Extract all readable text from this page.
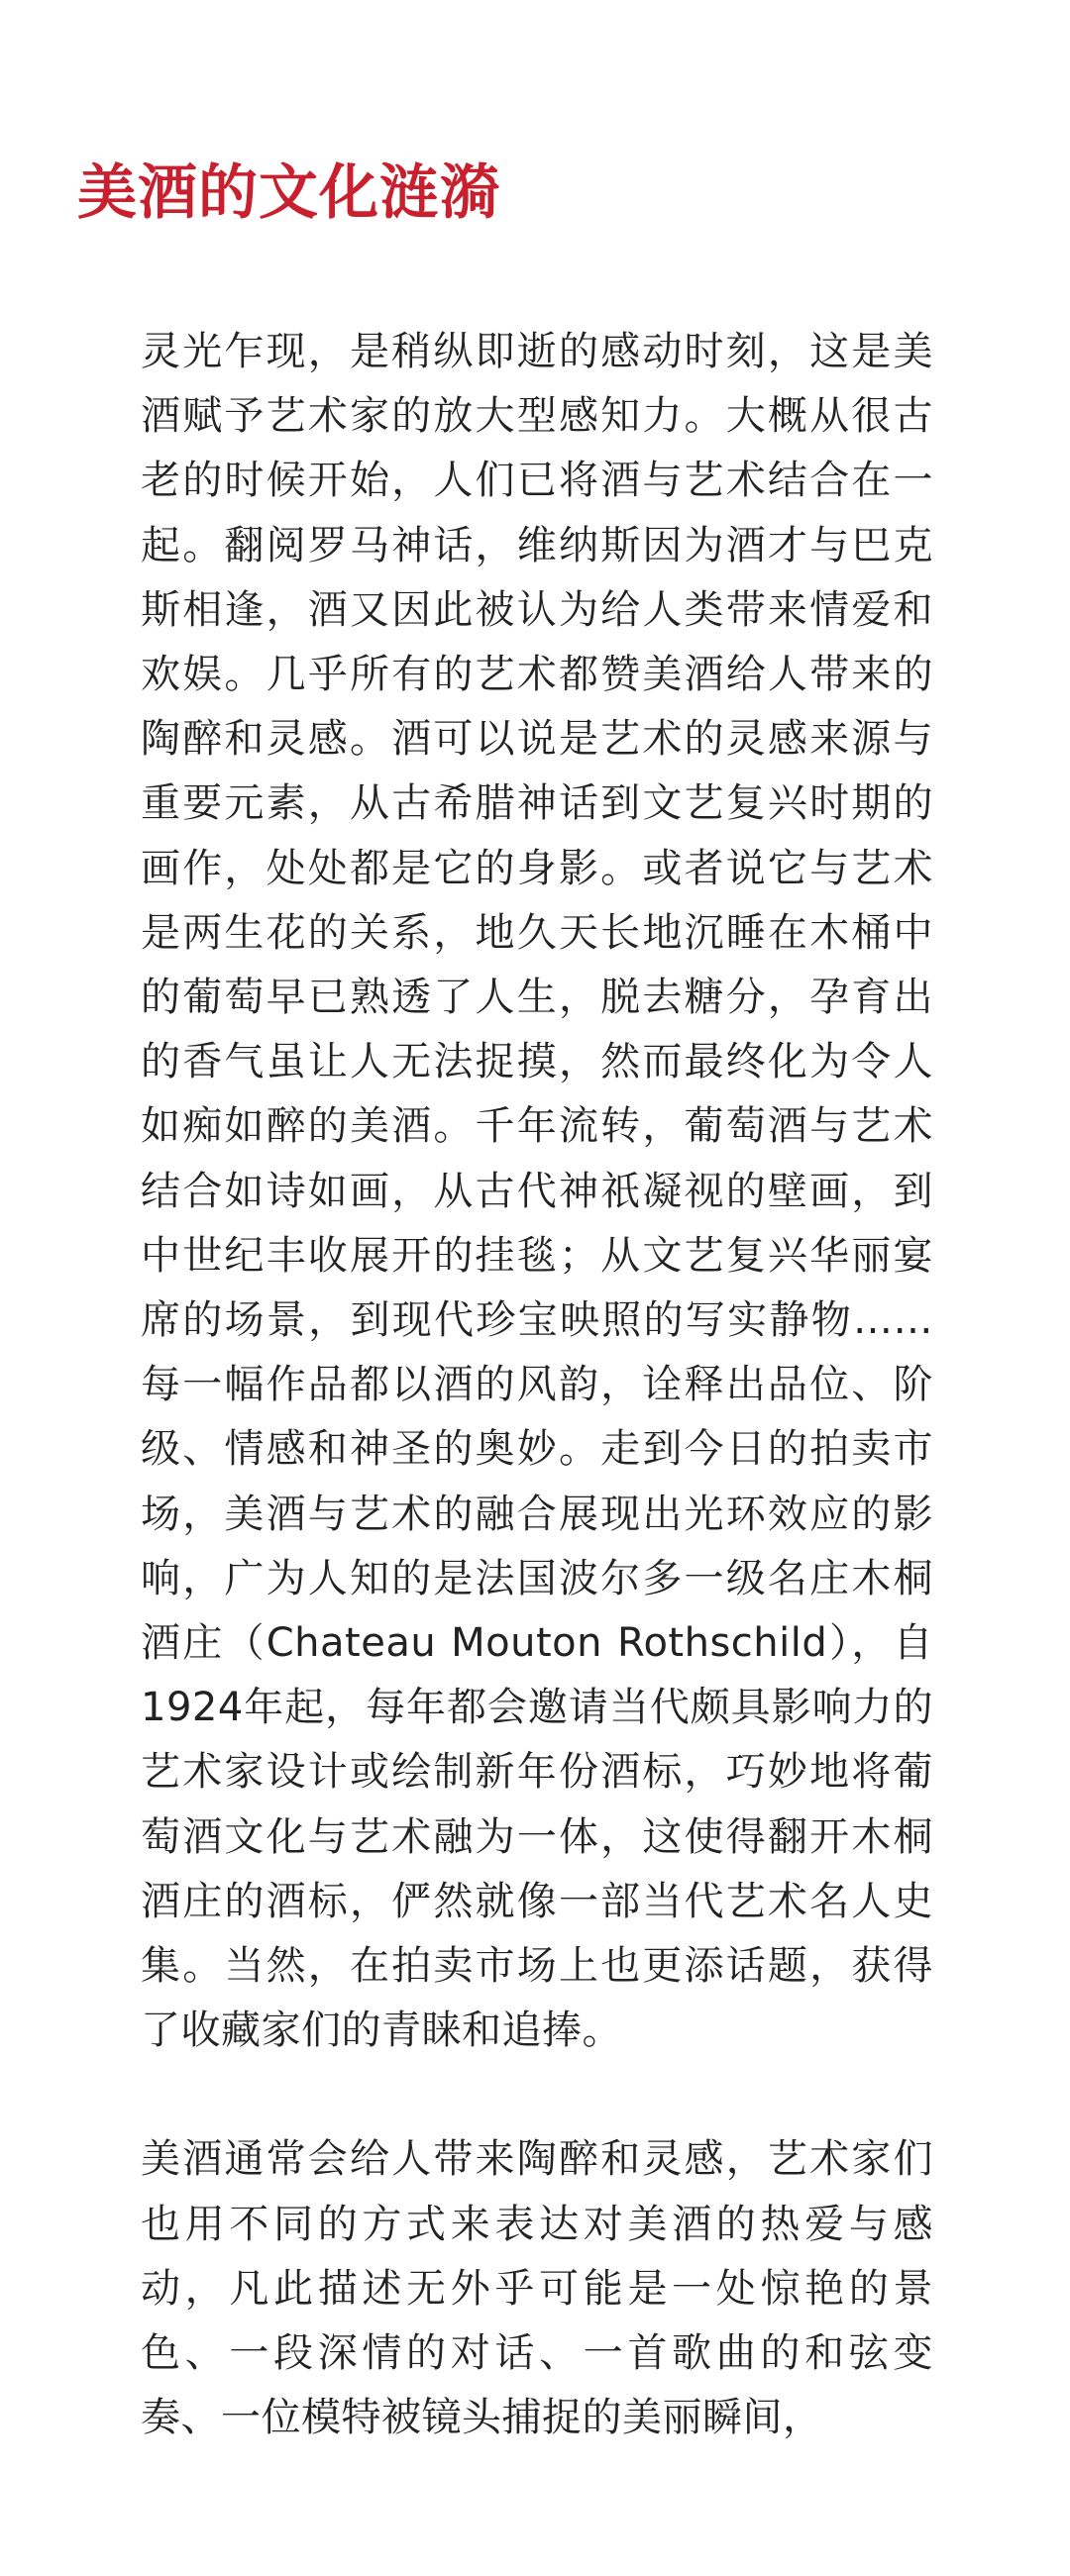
美酒的文化涟漪

灵光乍现，是稍纵即逝的感动时刻，这是美酒赋予艺术家的放大型感知力。大概从很古老的时候开始，人们已将酒与艺术结合在一起。翻阅罗马神话，维纳斯因为酒才与巴克斯相逢，酒又因此被认为给人类带来情爱和欢娱。几乎所有的艺术都赞美酒给人带来的陶醉和灵感。酒可以说是艺术的灵感来源与重要元素，从古希腊神话到文艺复兴时期的画作，处处都是它的身影。或者说它与艺术是两生花的关系，地久天长地沉睡在木桶中的葡萄早已熟透了人生，脱去糖分，孕育出的香气虽让人无法捉摸，然而最终化为令人如痴如醉的美酒。千年流转，葡萄酒与艺术结合如诗如画，从古代神祇凝视的壁画，到中世纪丰收展开的挂毯；从文艺复兴华丽宴席的场景，到现代珍宝映照的写实静物……每一幅作品都以酒的风韵，诠释出品位、阶级、情感和神圣的奥妙。走到今日的拍卖市场，美酒与艺术的融合展现出光环效应的影响，广为人知的是法国波尔多一级名庄木桐酒庄（Chateau Mouton Rothschild），自1924年起，每年都会邀请当代颇具影响力的艺术家设计或绘制新年份酒标，巧妙地将葡萄酒文化与艺术融为一体，这使得翻开木桐酒庄的酒标，俨然就像一部当代艺术名人史集。当然，在拍卖市场上也更添话题，获得了收藏家们的青睐和追捧。

美酒通常会给人带来陶醉和灵感，艺术家们也用不同的方式来表达对美酒的热爱与感动，凡此描述无外乎可能是一处惊艳的景色、一段深情的对话、一首歌曲的和弦变奏、一位模特被镜头捕捉的美丽瞬间，
